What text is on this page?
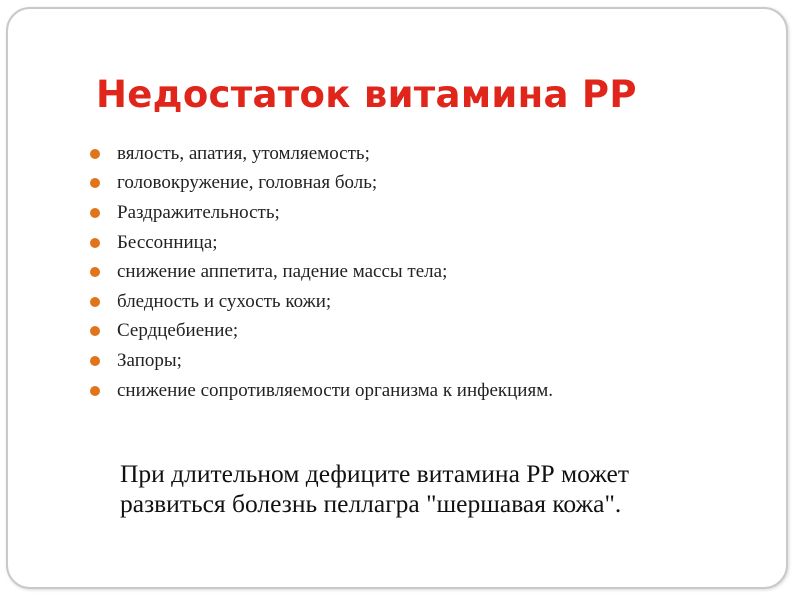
Недостаток витамина РР
вялость, апатия, утомляемость;
головокружение, головная боль;
Раздражительность;
Бессонница;
снижение аппетита, падение массы тела;
бледность и сухость кожи;
Сердцебиение;
Запоры;
снижение сопротивляемости организма к инфекциям.

При длительном дефиците витамина РР может развиться болезнь пеллагра "шершавая кожа".
